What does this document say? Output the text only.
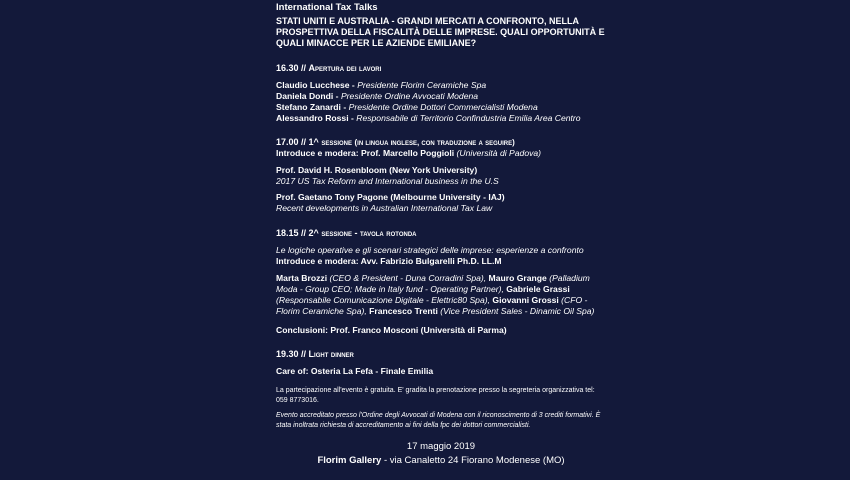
International Tax Talks

STATI UNITI E AUSTRALIA - GRANDI MERCATI A CONFRONTO, NELLA PROSPETTIVA DELLA FISCALITÀ DELLE IMPRESE. QUALI OPPORTUNITÀ E QUALI MINACCE PER LE AZIENDE EMILIANE?

16.30 // Apertura dei lavori

Claudio Lucchese - Presidente Florim Ceramiche Spa

Daniela Dondi - Presidente Ordine Avvocati Modena

Stefano Zanardi - Presidente Ordine Dottori Commercialisti Modena

Alessandro Rossi - Responsabile di Territorio Confindustria Emilia Area Centro

17.00 // 1^ sessione (in lingua inglese, con traduzione a seguire)

Introduce e modera: Prof. Marcello Poggioli (Università di Padova)

Prof. David H. Rosenbloom (New York University)

2017 US Tax Reform and International business in the U.S

Prof. Gaetano Tony Pagone (Melbourne University - IAJ)

Recent developments in Australian International Tax Law

18.15 // 2^ sessione - tavola rotonda

Le logiche operative e gli scenari strategici delle imprese: esperienze a confronto

Introduce e modera: Avv. Fabrizio Bulgarelli Ph.D. LL.M

Marta Brozzi (CEO & President - Duna Corradini Spa), Mauro Grange (Palladium Moda - Group CEO; Made in Italy fund - Operating Partner), Gabriele Grassi (Responsabile Comunicazione Digitale - Elettric80 Spa), Giovanni Grossi (CFO - Florim Ceramiche Spa), Francesco Trenti (Vice President Sales - Dinamic Oil Spa)

Conclusioni: Prof. Franco Mosconi (Università di Parma)

19.30 // Light dinner

Care of: Osteria La Fefa - Finale Emilia

La partecipazione all'evento è gratuita. E' gradita la prenotazione presso la segreteria organizzativa tel: 059 8773016.

Evento accreditato presso l'Ordine degli Avvocati di Modena con il riconoscimento di 3 crediti formativi. È stata inoltrata richiesta di accreditamento ai fini della fpc dei dottori commercialisti.

17 maggio 2019

Florim Gallery - via Canaletto 24 Fiorano Modenese (MO)
